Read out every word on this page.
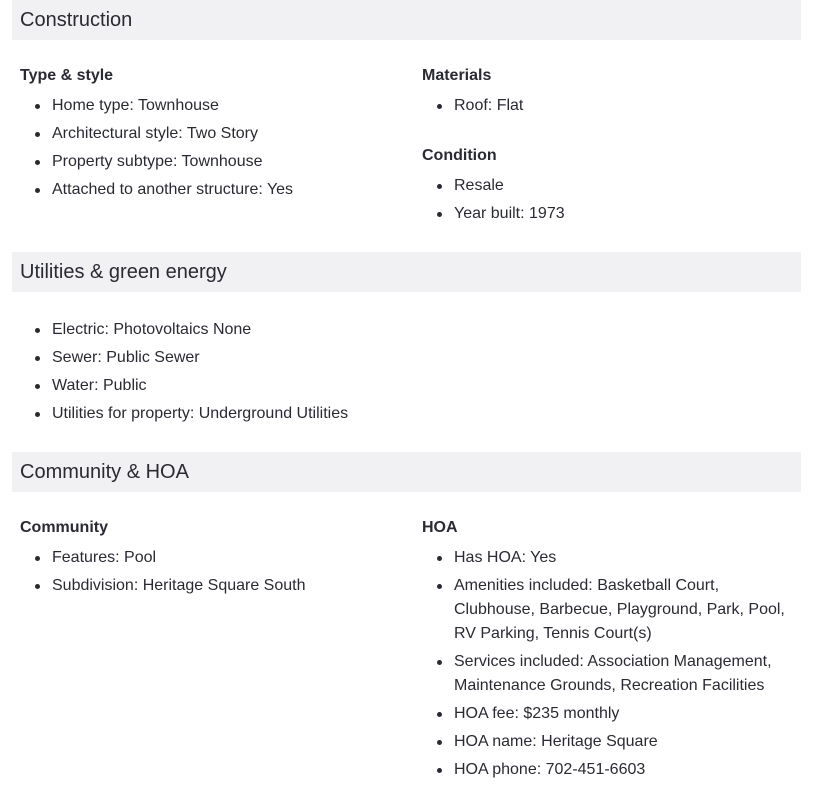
Construction
Type & style
Home type: Townhouse
Architectural style: Two Story
Property subtype: Townhouse
Attached to another structure: Yes
Materials
Roof: Flat
Condition
Resale
Year built: 1973
Utilities & green energy
Electric: Photovoltaics None
Sewer: Public Sewer
Water: Public
Utilities for property: Underground Utilities
Community & HOA
Community
Features: Pool
Subdivision: Heritage Square South
HOA
Has HOA: Yes
Amenities included: Basketball Court, Clubhouse, Barbecue, Playground, Park, Pool, RV Parking, Tennis Court(s)
Services included: Association Management, Maintenance Grounds, Recreation Facilities
HOA fee: $235 monthly
HOA name: Heritage Square
HOA phone: 702-451-6603
